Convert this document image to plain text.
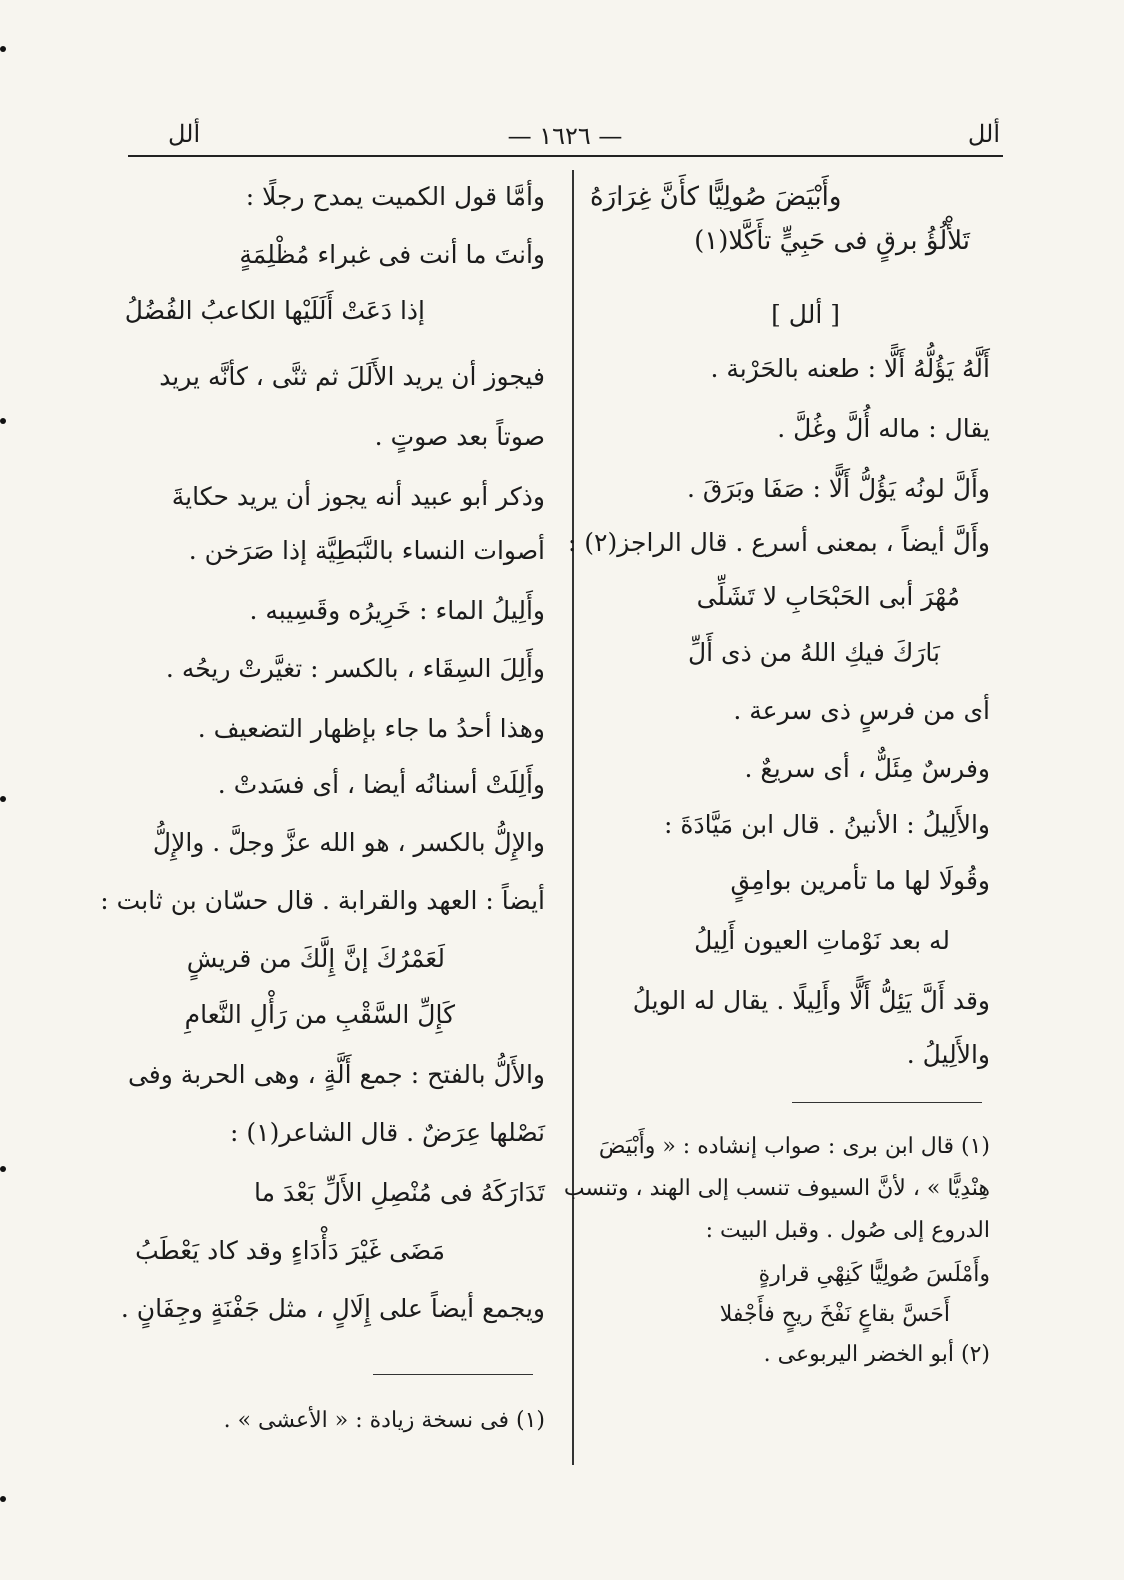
ألل
— ١٦٢٦ —
ألل
وأَبْيَضَ صُولِيًّا كأَنَّ غِرَارَهُ
تَلأْلُؤُ برقٍ فى حَبِيٍّ تأَكَّلا(١)
[ ألل ]
أَلَّهُ يَؤُلُّهُ أَلًّا : طعنه بالحَرْبة .
يقال : ماله أُلَّ وغُلَّ .
وأَلَّ لونُه يَؤُلُّ أَلًّا : صَفَا وبَرَقَ .
وأَلَّ أيضاً ، بمعنى أسرع . قال الراجز(٢) :
مُهْرَ أبى الحَبْحَابِ لا تَشَلِّى
بَارَكَ فيكِ اللهُ من ذى أَلِّ
أى من فرسٍ ذى سرعة .
وفرسٌ مِئَلٌّ ، أى سريعٌ .
والأَلِيلُ : الأنينُ . قال ابن مَيَّادَةَ :
وقُولَا لها ما تأمرين بوامِقٍ
له بعد نَوْماتِ العيون أَلِيلُ
وقد أَلَّ يَئِلُّ أَلًّا وأَلِيلًا . يقال له الويلُ
والأَلِيلُ .
(١) قال ابن برى : صواب إنشاده : « وأَبْيَضَ
هِنْدِيًّا » ، لأنَّ السيوف تنسب إلى الهند ، وتنسب
الدروع إلى صُول . وقبل البيت :
وأَمْلَسَ صُولِيًّا كَنِهْىِ قرارةٍ
أَحَسَّ بقاعٍ نَفْخَ ريحٍ فأَجْفلا
(٢) أبو الخضر اليربوعى .
وأمَّا قول الكميت يمدح رجلًا :
وأنتَ ما أنت فى غبراء مُظْلِمَةٍ
إذا دَعَتْ أَلَلَيْها الكاعبُ الفُضُلُ
فيجوز أن يريد الأَلَلَ ثم ثنَّى ، كأنَّه يريد
صوتاً بعد صوتٍ .
وذكر أبو عبيد أنه يجوز أن يريد حكايةَ
أصوات النساء بالنَّبَطِيَّة إذا صَرَخن .
وأَلِيلُ الماء : خَرِيرُه وقَسِيبه .
وأَلِلَ السِقَاء ، بالكسر : تغيَّرتْ ريحُه .
وهذا أحدُ ما جاء بإظهار التضعيف .
وأَلِلَتْ أسنانُه أيضا ، أى فسَدتْ .
والإِلُّ بالكسر ، هو الله عزَّ وجلَّ . والإِلُّ
أيضاً : العهد والقرابة . قال حسّان بن ثابت :
لَعَمْرُكَ إنَّ إِلَّكَ من قريشٍ
كَإِلِّ السَّقْبِ من رَأْلِ النَّعامِ
والأَلُّ بالفتح : جمع أَلَّةٍ ، وهى الحربة وفى
نَصْلها عِرَضٌ . قال الشاعر(١) :
تَدَارَكَهُ فى مُنْصِلِ الأَلِّ بَعْدَ ما
مَضَى غَيْرَ دَأْدَاءٍ وقد كاد يَعْطَبُ
ويجمع أيضاً على إِلَالٍ ، مثل جَفْنَةٍ وجِفَانٍ .
(١) فى نسخة زيادة : « الأعشى » .
